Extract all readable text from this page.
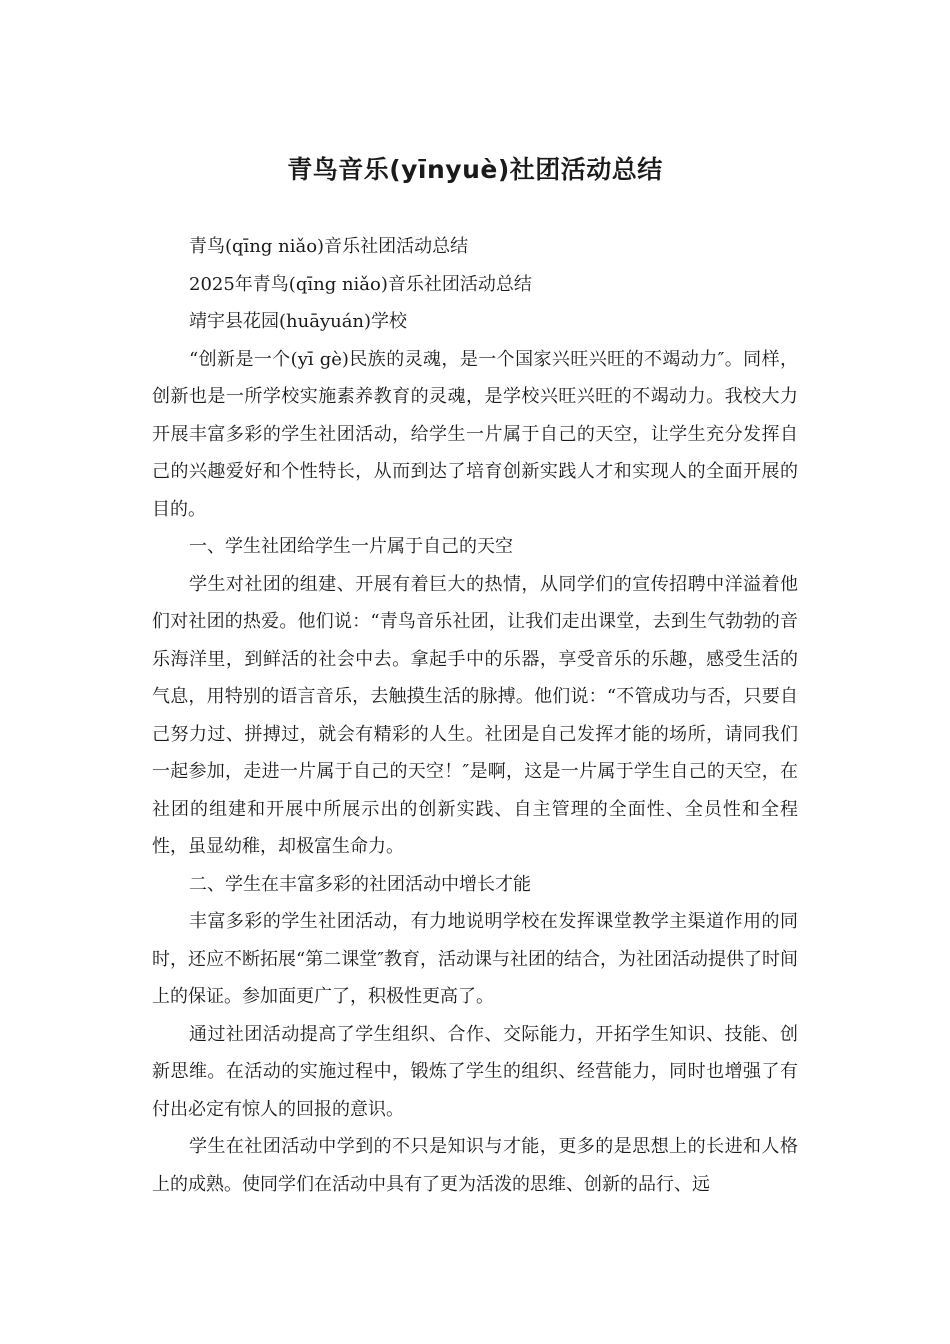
青鸟音乐(yīnyuè)社团活动总结

青鸟(qīng niǎo)音乐社团活动总结

2025年青鸟(qīng niǎo)音乐社团活动总结

靖宇县花园(huāyuán)学校

“创新是一个(yī gè)民族的灵魂，是一个国家兴旺兴旺的不竭动力″。同样，创新也是一所学校实施素养教育的灵魂，是学校兴旺兴旺的不竭动力。我校大力开展丰富多彩的学生社团活动，给学生一片属于自己的天空，让学生充分发挥自己的兴趣爱好和个性特长，从而到达了培育创新实践人才和实现人的全面开展的目的。

一、学生社团给学生一片属于自己的天空

学生对社团的组建、开展有着巨大的热情，从同学们的宣传招聘中洋溢着他们对社团的热爱。他们说：“青鸟音乐社团，让我们走出课堂，去到生气勃勃的音乐海洋里，到鲜活的社会中去。拿起手中的乐器，享受音乐的乐趣，感受生活的气息，用特别的语言音乐，去触摸生活的脉搏。他们说：“不管成功与否，只要自己努力过、拼搏过，就会有精彩的人生。社团是自己发挥才能的场所，请同我们一起参加，走进一片属于自己的天空！″是啊，这是一片属于学生自己的天空，在社团的组建和开展中所展示出的创新实践、自主管理的全面性、全员性和全程性，虽显幼稚，却极富生命力。

二、学生在丰富多彩的社团活动中增长才能

丰富多彩的学生社团活动，有力地说明学校在发挥课堂教学主渠道作用的同时，还应不断拓展“第二课堂″教育，活动课与社团的结合，为社团活动提供了时间上的保证。参加面更广了，积极性更高了。

通过社团活动提高了学生组织、合作、交际能力，开拓学生知识、技能、创新思维。在活动的实施过程中，锻炼了学生的组织、经营能力，同时也增强了有付出必定有惊人的回报的意识。

学生在社团活动中学到的不只是知识与才能，更多的是思想上的长进和人格上的成熟。使同学们在活动中具有了更为活泼的思维、创新的品行、远
